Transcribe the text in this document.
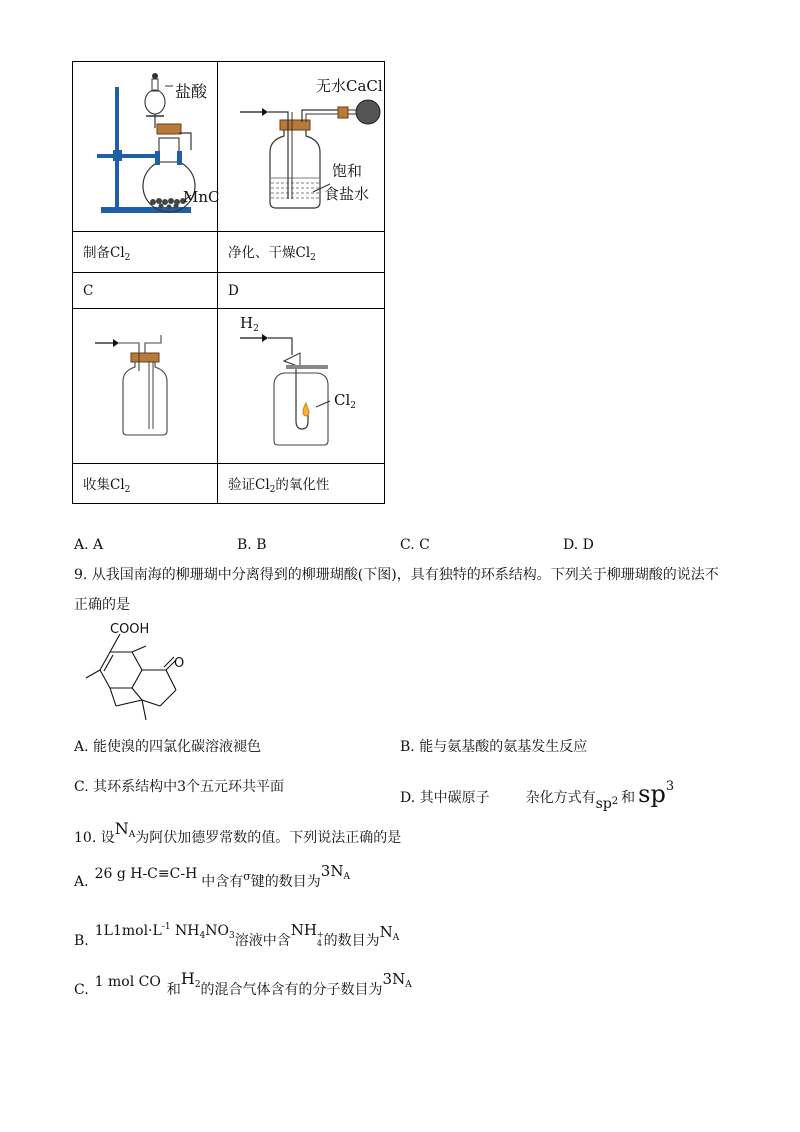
盐酸
MnC	无水CaCl
饱和
食盐水

制备$Cl_2$	净化、干燥$Cl_2$
C	D

$H_2$
$Cl_2$

收集$Cl_2$	验证$Cl_2$的氧化性
A. A	B. B	C. C	D. D
9. 从我国南海的柳珊瑚中分离得到的柳珊瑚酸(下图)，具有独特的环系结构。下列关于柳珊瑚酸的说法不
正确的是
COOH
O
A. 能使溴的四氯化碳溶液褪色	B. 能与氨基酸的氨基发生反应
C. 其环系结构中3个五元环共平面
D. 其中碳原子	杂化方式有$sp^2$ 和 sp3
10. 设$N_A$为阿伏加德罗常数的值。下列说法正确的是
A. 26 g H-C≡C-H 中含有$^\sigma$键的数目为$3N_A$
$B.1L1mol\cdot L^{-1}$ $NH_4NO_3$溶液中含NH +
4 的数目为$N_A$
C. 1 mol CO 和$H_2$的混合气体含有的分子数目为$3N_A$
